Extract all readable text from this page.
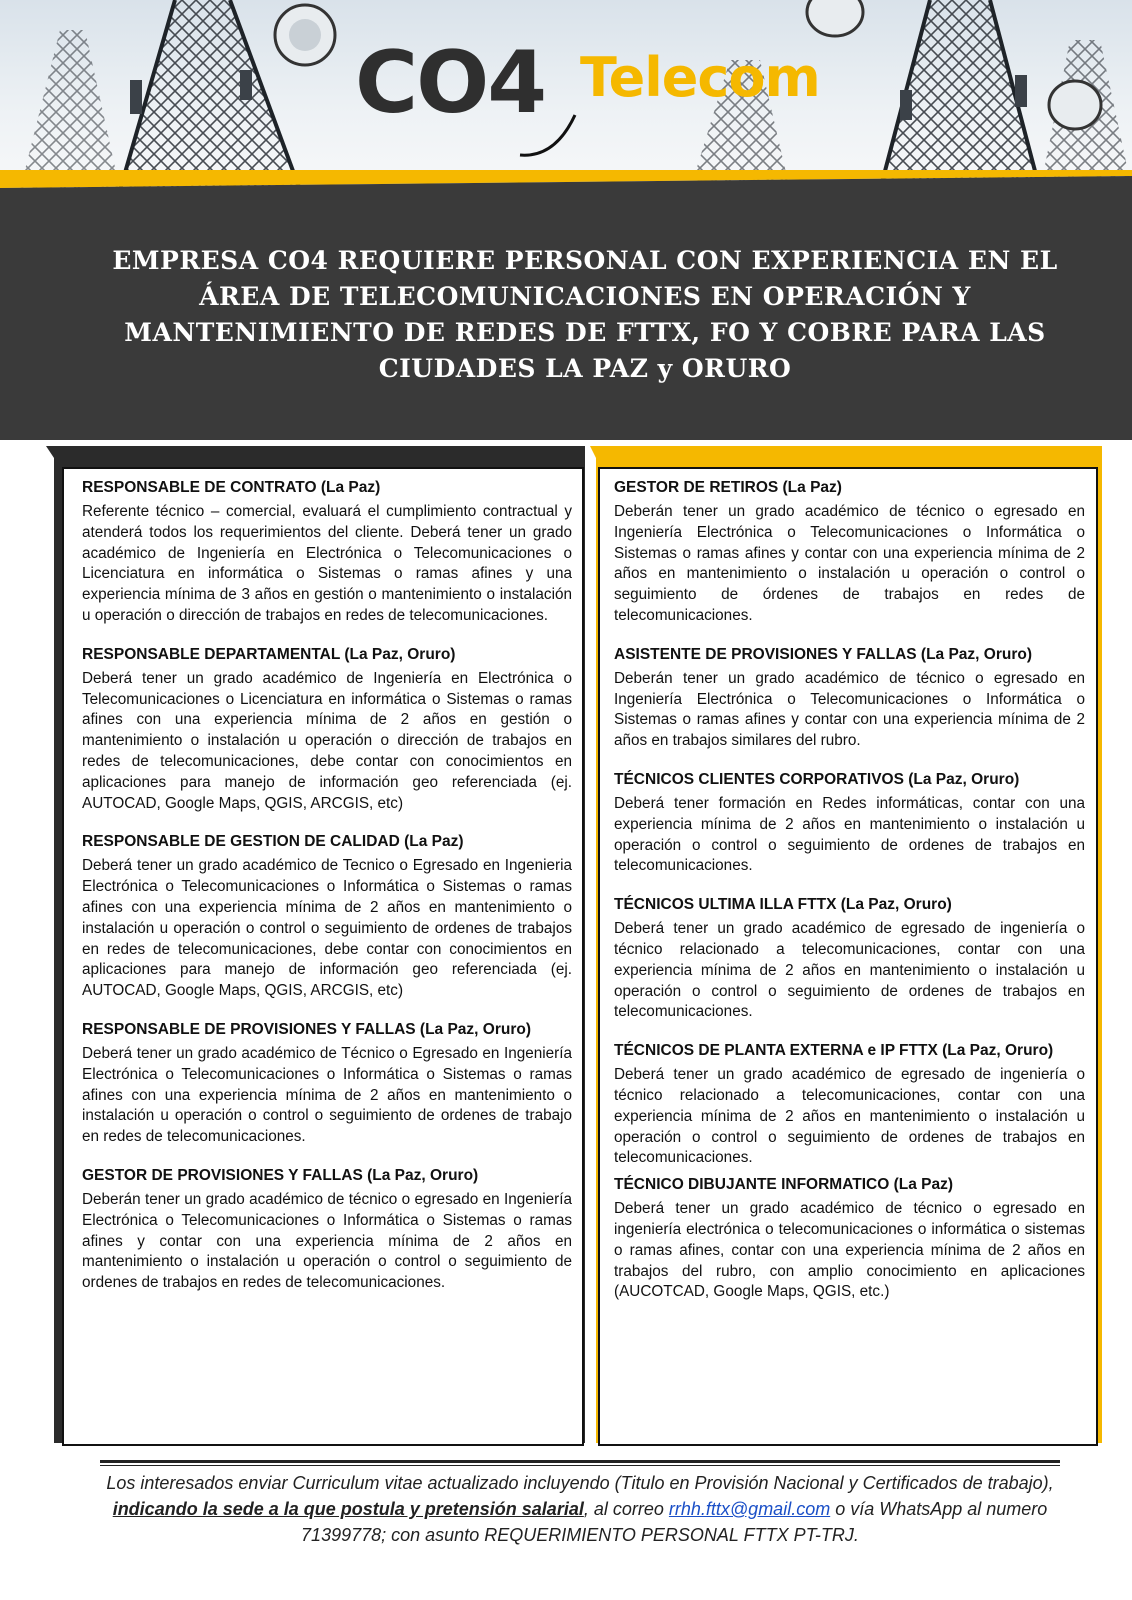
CO4 Telecom
EMPRESA CO4 REQUIERE PERSONAL CON EXPERIENCIA EN EL ÁREA DE TELECOMUNICACIONES EN OPERACIÓN Y MANTENIMIENTO DE REDES DE FTTX, FO Y COBRE PARA LAS CIUDADES LA PAZ y ORURO

RESPONSABLE DE CONTRATO (La Paz)

Referente técnico – comercial, evaluará el cumplimiento contractual y atenderá todos los requerimientos del cliente. Deberá tener un grado académico de Ingeniería en Electrónica o Telecomunicaciones o Licenciatura en informática o Sistemas o ramas afines y una experiencia mínima de 3 años en gestión o mantenimiento o instalación u operación o dirección de trabajos en redes de telecomunicaciones.

RESPONSABLE DEPARTAMENTAL (La Paz, Oruro)

Deberá tener un grado académico de Ingeniería en Electrónica o Telecomunicaciones o Licenciatura en informática o Sistemas o ramas afines con una experiencia mínima de 2 años en gestión o mantenimiento o instalación u operación o dirección de trabajos en redes de telecomunicaciones, debe contar con conocimientos en aplicaciones para manejo de información geo referenciada (ej. AUTOCAD, Google Maps, QGIS, ARCGIS, etc)

RESPONSABLE DE GESTION DE CALIDAD (La Paz)

Deberá tener un grado académico de Tecnico o Egresado en Ingenieria Electrónica o Telecomunicaciones o Informática o Sistemas o ramas afines con una experiencia mínima de 2 años en mantenimiento o instalación u operación o control o seguimiento de ordenes de trabajos en redes de telecomunicaciones, debe contar con conocimientos en aplicaciones para manejo de información geo referenciada (ej. AUTOCAD, Google Maps, QGIS, ARCGIS, etc)

RESPONSABLE DE PROVISIONES Y FALLAS (La Paz, Oruro)

Deberá tener un grado académico de Técnico o Egresado en Ingeniería Electrónica o Telecomunicaciones o Informática o Sistemas o ramas afines con una experiencia mínima de 2 años en mantenimiento o instalación u operación o control o seguimiento de ordenes de trabajo en redes de telecomunicaciones.

GESTOR DE PROVISIONES Y FALLAS (La Paz, Oruro)

Deberán tener un grado académico de técnico o egresado en Ingeniería Electrónica o Telecomunicaciones o Informática o Sistemas o ramas afines y contar con una experiencia mínima de 2 años en mantenimiento o instalación u operación o control o seguimiento de ordenes de trabajos en redes de telecomunicaciones.

GESTOR DE RETIROS (La Paz)

Deberán tener un grado académico de técnico o egresado en Ingeniería Electrónica o Telecomunicaciones o Informática o Sistemas o ramas afines y contar con una experiencia mínima de 2 años en mantenimiento o instalación u operación o control o seguimiento de órdenes de trabajos en redes de telecomunicaciones.

ASISTENTE DE PROVISIONES Y FALLAS (La Paz, Oruro)

Deberán tener un grado académico de técnico o egresado en Ingeniería Electrónica o Telecomunicaciones o Informática o Sistemas o ramas afines y contar con una experiencia mínima de 2 años en trabajos similares del rubro.

TÉCNICOS CLIENTES CORPORATIVOS (La Paz, Oruro)

Deberá tener formación en Redes informáticas, contar con una experiencia mínima de 2 años en mantenimiento o instalación u operación o control o seguimiento de ordenes de trabajos en telecomunicaciones.

TÉCNICOS ULTIMA ILLA FTTX (La Paz, Oruro)

Deberá tener un grado académico de egresado de ingeniería o técnico relacionado a telecomunicaciones, contar con una experiencia mínima de 2 años en mantenimiento o instalación u operación o control o seguimiento de ordenes de trabajos en telecomunicaciones.

TÉCNICOS DE PLANTA EXTERNA e IP FTTX (La Paz, Oruro)

Deberá tener un grado académico de egresado de ingeniería o técnico relacionado a telecomunicaciones, contar con una experiencia mínima de 2 años en mantenimiento o instalación u operación o control o seguimiento de ordenes de trabajos en telecomunicaciones.

TÉCNICO DIBUJANTE INFORMATICO (La Paz)

Deberá tener un grado académico de técnico o egresado en ingeniería electrónica o telecomunicaciones o informática o sistemas o ramas afines, contar con una experiencia mínima de 2 años en trabajos del rubro, con amplio conocimiento en aplicaciones (AUCOTCAD, Google Maps, QGIS, etc.)

Los interesados enviar Curriculum vitae actualizado incluyendo (Titulo en Provisión Nacional y Certificados de trabajo), indicando la sede a la que postula y pretensión salarial, al correo rrhh.fttx@gmail.com o vía WhatsApp al numero 71399778; con asunto REQUERIMIENTO PERSONAL FTTX PT-TRJ.
